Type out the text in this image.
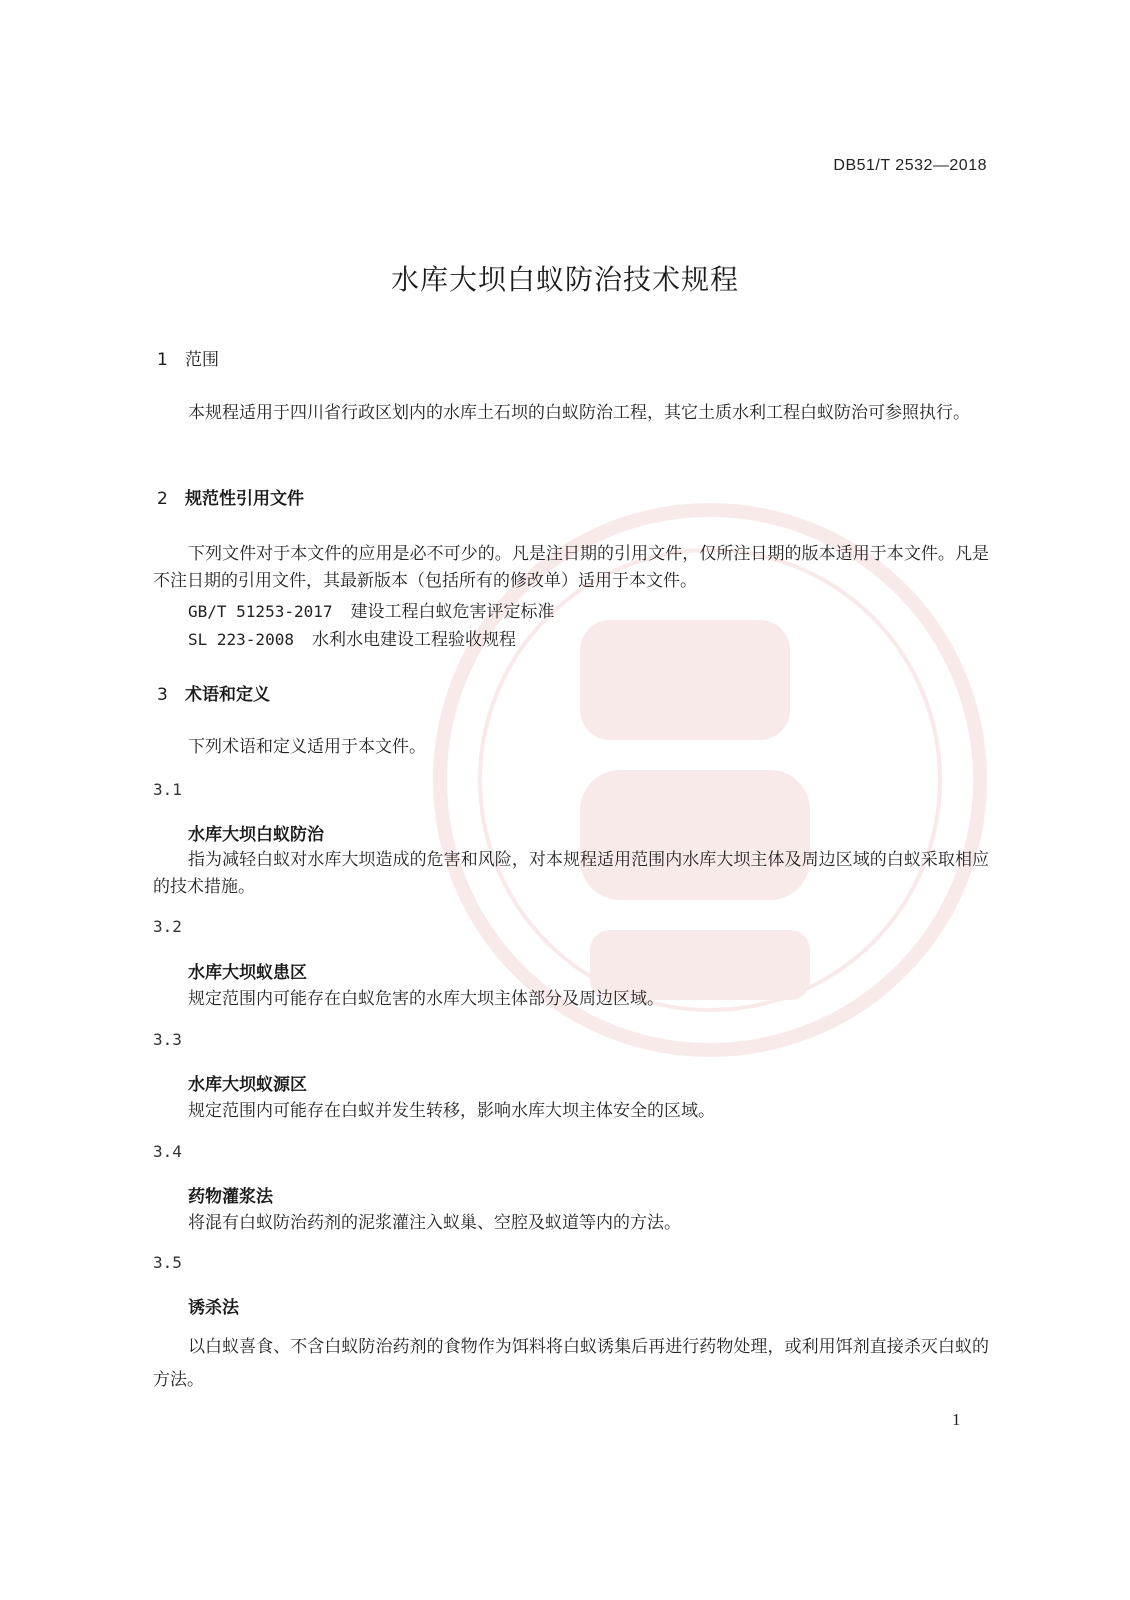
DB51/T 2532—2018
水库大坝白蚁防治技术规程
1 范围
本规程适用于四川省行政区划内的水库土石坝的白蚁防治工程，其它土质水利工程白蚁防治可参照执行。
2 规范性引用文件
下列文件对于本文件的应用是必不可少的。凡是注日期的引用文件，仅所注日期的版本适用于本文件。凡是不注日期的引用文件，其最新版本（包括所有的修改单）适用于本文件。
GB/T 51253-2017 建设工程白蚁危害评定标准
SL 223-2008 水利水电建设工程验收规程
3 术语和定义
下列术语和定义适用于本文件。
3.1
水库大坝白蚁防治
指为减轻白蚁对水库大坝造成的危害和风险，对本规程适用范围内水库大坝主体及周边区域的白蚁采取相应的技术措施。
3.2
水库大坝蚁患区
规定范围内可能存在白蚁危害的水库大坝主体部分及周边区域。
3.3
水库大坝蚁源区
规定范围内可能存在白蚁并发生转移，影响水库大坝主体安全的区域。
3.4
药物灌浆法
将混有白蚁防治药剂的泥浆灌注入蚁巢、空腔及蚁道等内的方法。
3.5
诱杀法
以白蚁喜食、不含白蚁防治药剂的食物作为饵料将白蚁诱集后再进行药物处理，或利用饵剂直接杀灭白蚁的方法。
1
